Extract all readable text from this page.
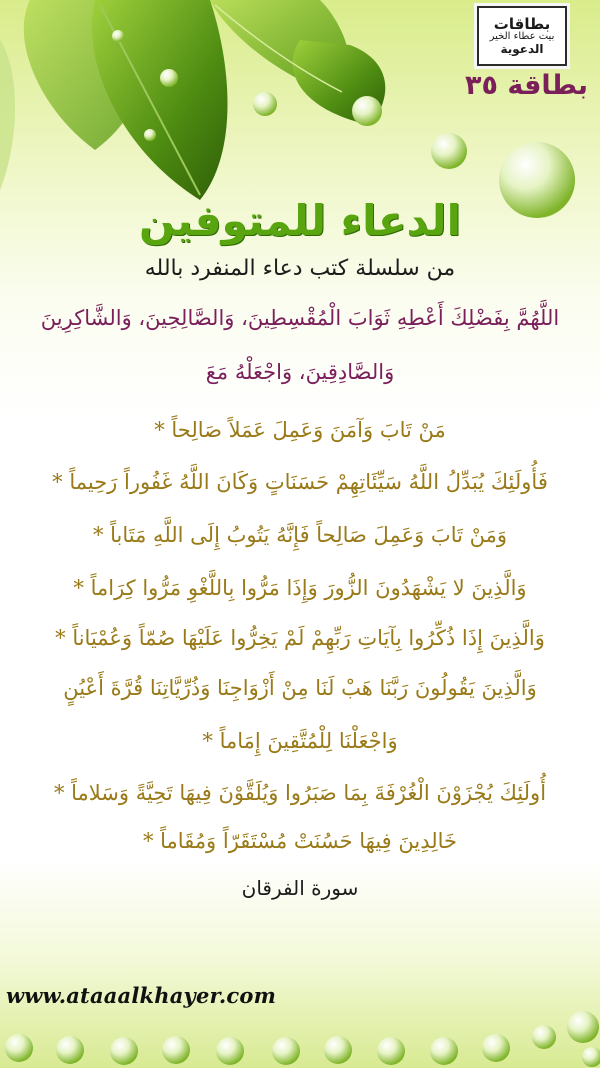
بطاقات
بيت عطاء الخير
الدعوية
بطاقة ٣٥
الدعاء للمتوفين
من سلسلة كتب دعاء المنفرد بالله
اللَّهُمَّ بِفَضْلِكَ أَعْطِهِ ثَوَابَ الْمُقْسِطِينَ، وَالصَّالِحِينَ، وَالشَّاكِرِينَ
وَالصَّادِقِينَ، وَاجْعَلْهُ مَعَ
مَنْ تَابَ وَآمَنَ وَعَمِلَ عَمَلاً صَالِحاً *
فَأُولَئِكَ يُبَدِّلُ اللَّهُ سَيِّئَاتِهِمْ حَسَنَاتٍ وَكَانَ اللَّهُ غَفُوراً رَحِيماً *
وَمَنْ تَابَ وَعَمِلَ صَالِحاً فَإِنَّهُ يَتُوبُ إِلَى اللَّهِ مَتَاباً *
وَالَّذِينَ لا يَشْهَدُونَ الزُّورَ وَإِذَا مَرُّوا بِاللَّغْوِ مَرُّوا كِرَاماً *
وَالَّذِينَ إِذَا ذُكِّرُوا بِآيَاتِ رَبِّهِمْ لَمْ يَخِرُّوا عَلَيْهَا صُمّاً وَعُمْيَاناً *
وَالَّذِينَ يَقُولُونَ رَبَّنَا هَبْ لَنَا مِنْ أَزْوَاجِنَا وَذُرِّيَّاتِنَا قُرَّةَ أَعْيُنٍ
وَاجْعَلْنَا لِلْمُتَّقِينَ إِمَاماً *
أُولَئِكَ يُجْزَوْنَ الْغُرْفَةَ بِمَا صَبَرُوا وَيُلَقَّوْنَ فِيهَا تَحِيَّةً وَسَلاماً *
خَالِدِينَ فِيهَا حَسُنَتْ مُسْتَقَرّاً وَمُقَاماً *
سورة الفرقان
www.ataaalkhayer.com
